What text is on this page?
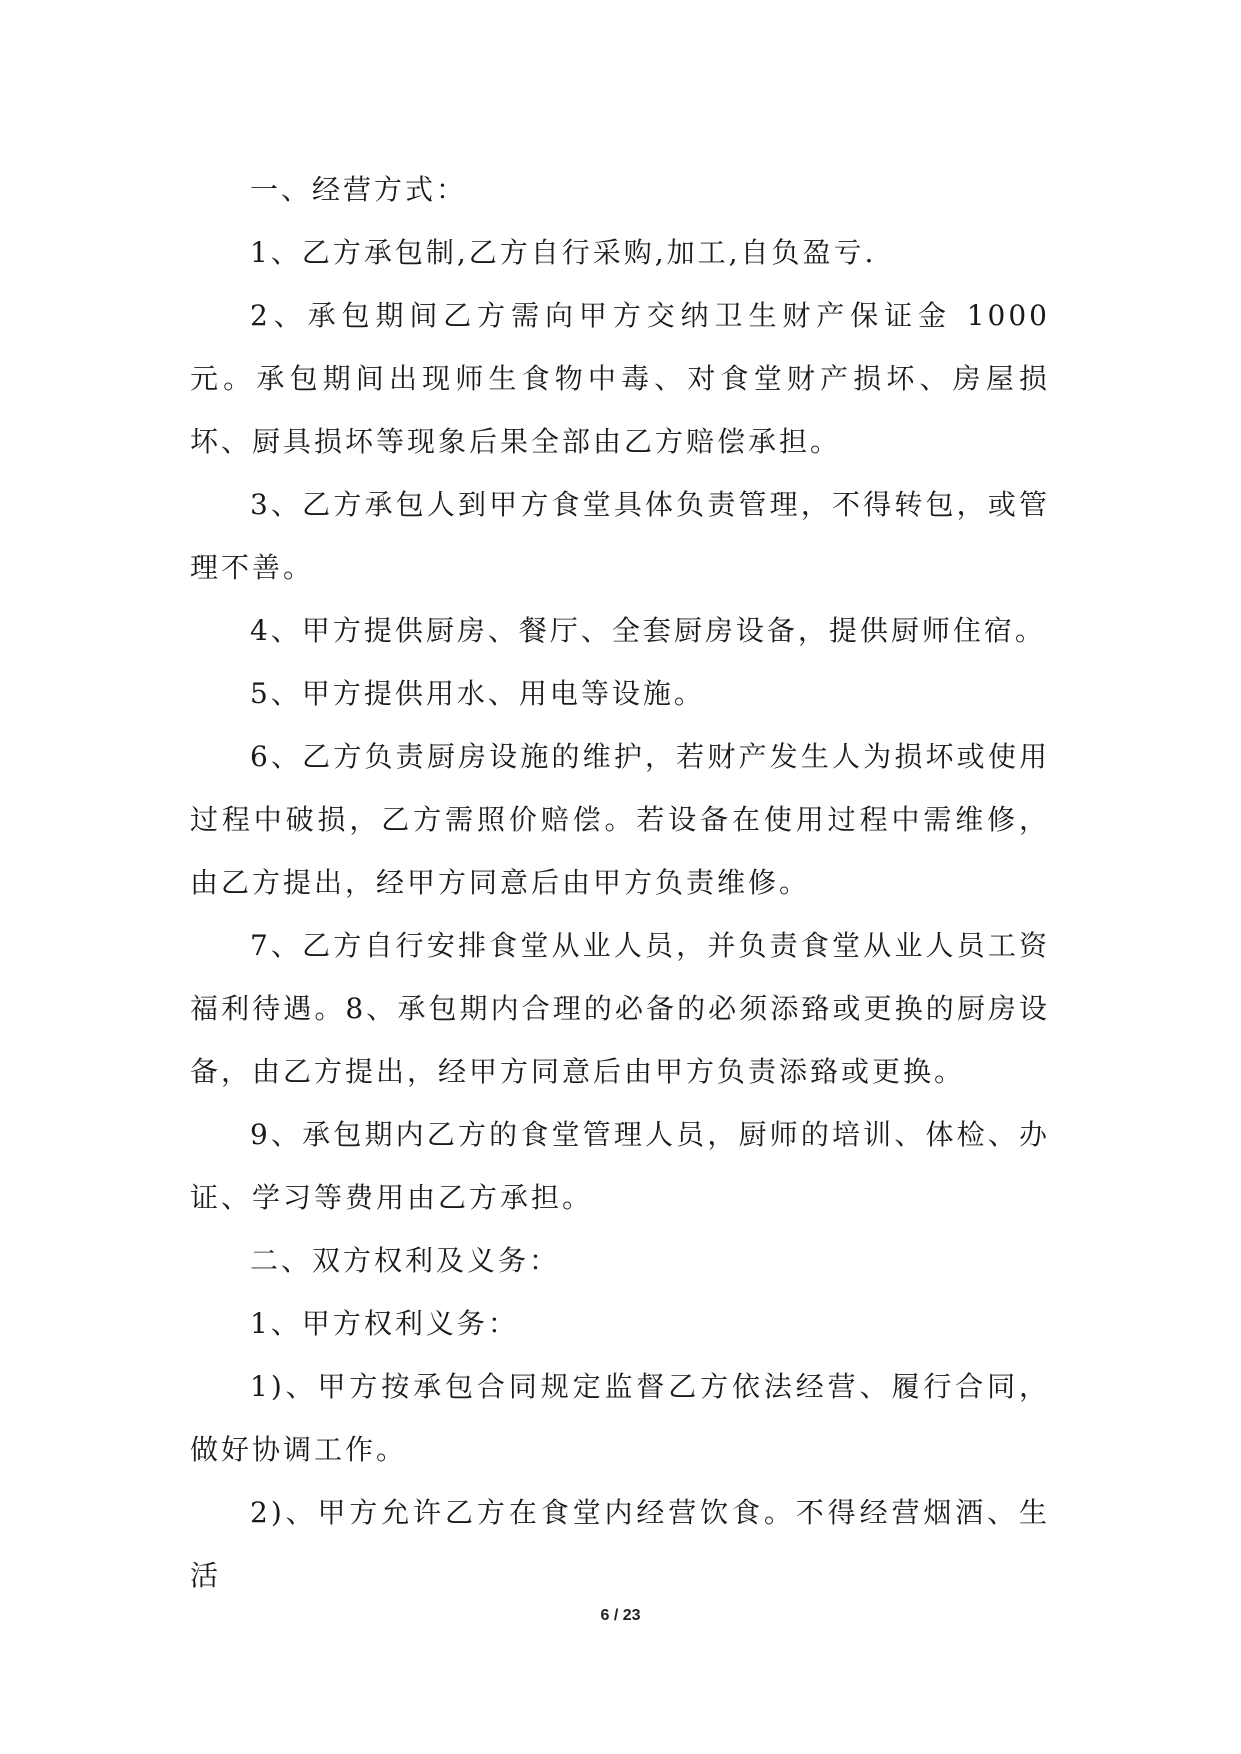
一、经营方式：

1、乙方承包制,乙方自行采购,加工,自负盈亏.

2、承包期间乙方需向甲方交纳卫生财产保证金 1000 元。承包期间出现师生食物中毒、对食堂财产损坏、房屋损坏、厨具损坏等现象后果全部由乙方赔偿承担。

3、乙方承包人到甲方食堂具体负责管理，不得转包，或管理不善。

4、甲方提供厨房、餐厅、全套厨房设备，提供厨师住宿。

5、甲方提供用水、用电等设施。

6、乙方负责厨房设施的维护，若财产发生人为损坏或使用过程中破损，乙方需照价赔偿。若设备在使用过程中需维修，由乙方提出，经甲方同意后由甲方负责维修。

7、乙方自行安排食堂从业人员，并负责食堂从业人员工资福利待遇。8、承包期内合理的必备的必须添臵或更换的厨房设备，由乙方提出，经甲方同意后由甲方负责添臵或更换。

9、承包期内乙方的食堂管理人员，厨师的培训、体检、办证、学习等费用由乙方承担。

二、双方权利及义务：

1、甲方权利义务：

1)、甲方按承包合同规定监督乙方依法经营、履行合同，做好协调工作。

2)、甲方允许乙方在食堂内经营饮食。不得经营烟酒、生活

6 / 23
